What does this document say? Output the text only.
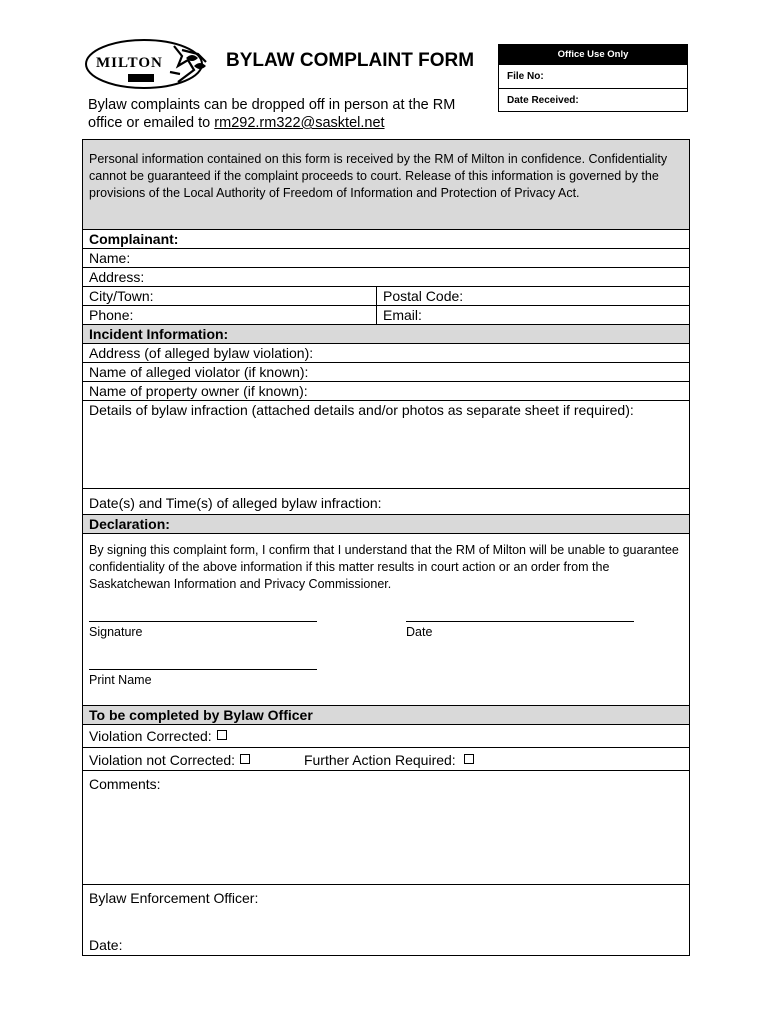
MILTON	BYLAW COMPLAINT FORM
Bylaw complaints can be dropped off in person at the RM office or emailed to rm292.rm322@sasktel.net
Office Use Only
File No:
Date Received:
Personal information contained on this form is received by the RM of Milton in confidence. Confidentiality cannot be guaranteed if the complaint proceeds to court. Release of this information is governed by the provisions of the Local Authority of Freedom of Information and Protection of Privacy Act.
Complainant:
Name:
Address:
City/Town:	Postal Code:
Phone:	Email:
Incident Information:
Address (of alleged bylaw violation):
Name of alleged violator (if known):
Name of property owner (if known):
Details of bylaw infraction (attached details and/or photos as separate sheet if required):
Date(s) and Time(s) of alleged bylaw infraction:
Declaration:
By signing this complaint form, I confirm that I understand that the RM of Milton will be unable to guarantee confidentiality of the above information if this matter results in court action or an order from the Saskatchewan Information and Privacy Commissioner.
Signature	Date
Print Name
To be completed by Bylaw Officer
Violation Corrected:
Violation not Corrected:	Further Action Required:
Comments:
Bylaw Enforcement Officer:
Date:
